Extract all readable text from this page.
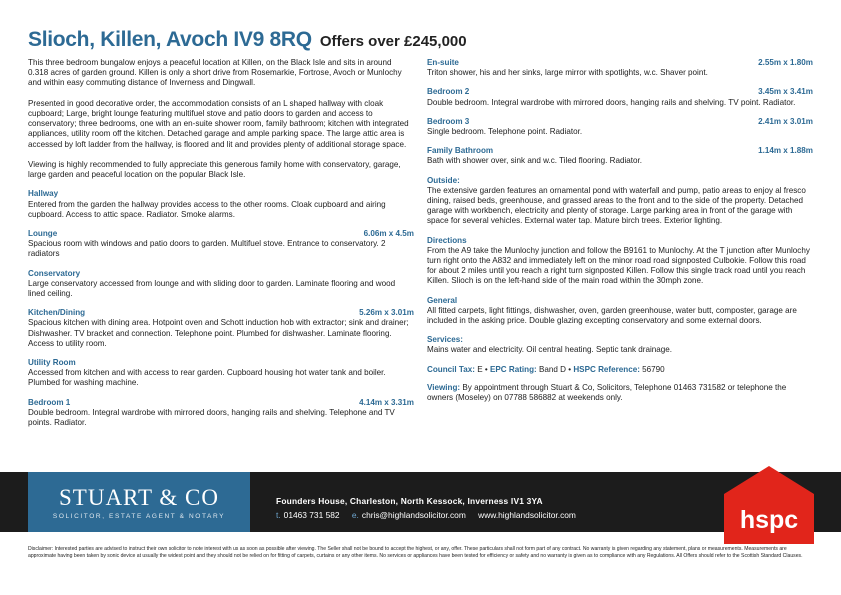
Slioch, Killen, Avoch IV9 8RQ Offers over £245,000

This three bedroom bungalow enjoys a peaceful location at Killen, on the Black Isle and sits in around 0.318 acres of garden ground. Killen is only a short drive from Rosemarkie, Fortrose, Avoch or Munlochy and within easy commuting distance of Inverness and Dingwall.

Presented in good decorative order, the accommodation consists of an L shaped hallway with cloak cupboard; Large, bright lounge featuring multifuel stove and patio doors to garden and access to conservatory; three bedrooms, one with an en-suite shower room, family bathroom; kitchen with integrated appliances, utility room off the kitchen. Detached garage and ample parking space. The large attic area is accessed by loft ladder from the hallway, is floored and lit and provides plenty of additional storage space.

Viewing is highly recommended to fully appreciate this generous family home with conservatory, garage, large garden and peaceful location on the popular Black Isle.

Hallway
Entered from the garden the hallway provides access to the other rooms. Cloak cupboard and airing cupboard. Access to attic space. Radiator. Smoke alarms.
Lounge	6.06m x 4.5m
Spacious room with windows and patio doors to garden. Multifuel stove. Entrance to conservatory. 2 radiators
Conservatory
Large conservatory accessed from lounge and with sliding door to garden. Laminate flooring and wood lined ceiling.
Kitchen/Dining	5.26m x 3.01m
Spacious kitchen with dining area. Hotpoint oven and Schott induction hob with extractor; sink and drainer; Dishwasher. TV bracket and connection. Telephone point. Plumbed for dishwasher. Laminate flooring. Access to utility room.
Utility Room
Accessed from kitchen and with access to rear garden. Cupboard housing hot water tank and boiler. Plumbed for washing machine.
Bedroom 1	4.14m x 3.31m
Double bedroom. Integral wardrobe with mirrored doors, hanging rails and shelving. Telephone and TV points. Radiator.
En-suite	2.55m x 1.80m
Triton shower, his and her sinks, large mirror with spotlights, w.c. Shaver point.
Bedroom 2	3.45m x 3.41m
Double bedroom. Integral wardrobe with mirrored doors, hanging rails and shelving. TV point. Radiator.
Bedroom 3	2.41m x 3.01m
Single bedroom. Telephone point. Radiator.
Family Bathroom	1.14m x 1.88m
Bath with shower over, sink and w.c. Tiled flooring. Radiator.
Outside:
The extensive garden features an ornamental pond with waterfall and pump, patio areas to enjoy al fresco dining, raised beds, greenhouse, and grassed areas to the front and to the side of the property. Detached garage with workbench, electricity and plenty of storage. Large parking area in front of the garage with space for several vehicles. External water tap. Mature birch trees. Exterior lighting.
Directions
From the A9 take the Munlochy junction and follow the B9161 to Munlochy. At the T junction after Munlochy turn right onto the A832 and immediately left on the minor road road signposted Culbokie. Follow this road for about 2 miles until you reach a right turn signposted Killen. Follow this single track road until you reach Killen. Slioch is on the left-hand side of the main road within the 30mph zone.
General
All fitted carpets, light fittings, dishwasher, oven, garden greenhouse, water butt, composter, garage are included in the asking price. Double glazing excepting conservatory and some external doors.
Services:
Mains water and electricity. Oil central heating. Septic tank drainage.
Council Tax: E • EPC Rating: Band D • HSPC Reference: 56790
Viewing: By appointment through Stuart & Co, Solicitors, Telephone 01463 731582 or telephone the owners (Moseley) on 07788 586882 at weekends only.
STUART & CO
SOLICITOR, ESTATE AGENT & NOTARY
Founders House, Charleston, North Kessock, Inverness IV1 3YA
t. 01463 731 582 e. chris@highlandsolicitor.com www.highlandsolicitor.com	hspc
Disclaimer: Interested parties are advised to instruct their own solicitor to note interest with us as soon as possible after viewing. The Seller shall not be bound to accept the highest, or any, offer. These particulars shall not form part of any contract. No warranty is given regarding any statement, plans or measurements. Measurements are approximate having been taken by sonic device at usually the widest point and they should not be relied on for fitting of carpets, curtains or any other items. No services or appliances have been tested for efficiency or safety and no warranty is given as to compliance with any Regulations. All Offers should refer to the Scottish Standard Clauses.
